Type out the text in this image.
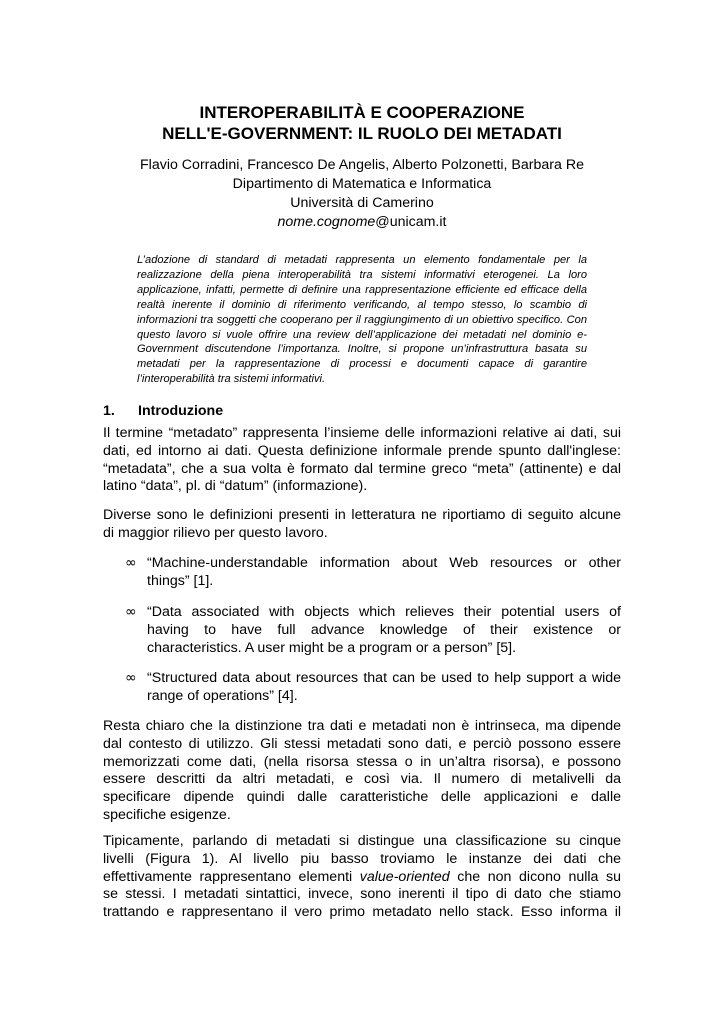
INTEROPERABILITÀ E COOPERAZIONE
NELL'E-GOVERNMENT: IL RUOLO DEI METADATI
Flavio Corradini, Francesco De Angelis, Alberto Polzonetti, Barbara Re
Dipartimento di Matematica e Informatica
Università di Camerino
nome.cognome@unicam.it
L’adozione di standard di metadati rappresenta un elemento fondamentale per la realizzazione della piena interoperabilità tra sistemi informativi eterogenei. La loro applicazione, infatti, permette di definire una rappresentazione efficiente ed efficace della realtà inerente il dominio di riferimento verificando, al tempo stesso, lo scambio di informazioni tra soggetti che cooperano per il raggiungimento di un obiettivo specifico. Con questo lavoro si vuole offrire una review dell’applicazione dei metadati nel dominio e-Government discutendone l’importanza. Inoltre, si propone un’infrastruttura basata su metadati per la rappresentazione di processi e documenti capace di garantire l’interoperabilità tra sistemi informativi.
1. Introduzione
Il termine “metadato” rappresenta l’insieme delle informazioni relative ai dati, sui
dati, ed intorno ai dati. Questa definizione informale prende spunto dall'inglese:
“metadata”, che a sua volta è formato dal termine greco “meta” (attinente) e dal
latino “data”, pl. di “datum” (informazione).
Diverse sono le definizioni presenti in letteratura ne riportiamo di seguito alcune
di maggior rilievo per questo lavoro.
∞ “Machine-understandable information about Web resources or other
things” [1].
∞ “Data associated with objects which relieves their potential users of
having to have full advance knowledge of their existence or
characteristics. A user might be a program or a person” [5].
∞ “Structured data about resources that can be used to help support a wide
range of operations” [4].
Resta chiaro che la distinzione tra dati e metadati non è intrinseca, ma dipende
dal contesto di utilizzo. Gli stessi metadati sono dati, e perciò possono essere
memorizzati come dati, (nella risorsa stessa o in un’altra risorsa), e possono
essere descritti da altri metadati, e così via. Il numero di metalivelli da
specificare dipende quindi dalle caratteristiche delle applicazioni e dalle
specifiche esigenze.
Tipicamente, parlando di metadati si distingue una classificazione su cinque
livelli (Figura 1). Al livello piu basso troviamo le instanze dei dati che
effettivamente rappresentano elementi value-oriented che non dicono nulla su
se stessi. I metadati sintattici, invece, sono inerenti il tipo di dato che stiamo
trattando e rappresentano il vero primo metadato nello stack. Esso informa il
